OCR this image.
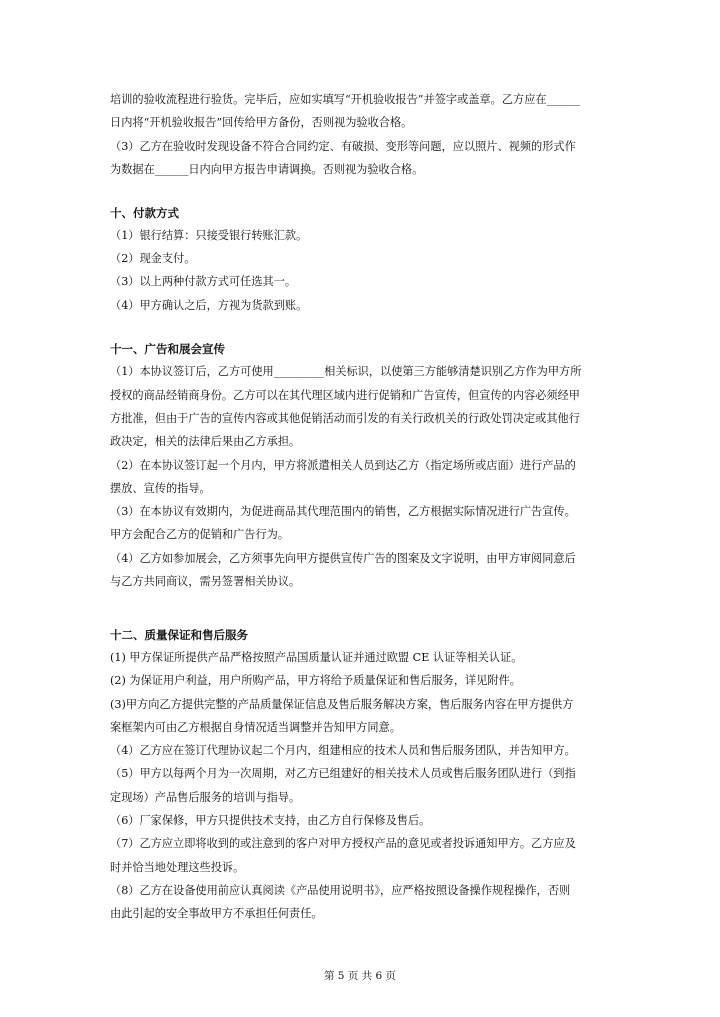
培训的验收流程进行验货。完毕后，应如实填写“开机验收报告”并签字或盖章。乙方应在______
日内将“开机验收报告”回传给甲方备份，否则视为验收合格。
（3）乙方在验收时发现设备不符合合同约定、有破损、变形等问题，应以照片、视频的形式作
为数据在______日内向甲方报告申请调换。否则视为验收合格。
十、付款方式
（1）银行结算：只接受银行转账汇款。
（2）现金支付。
（3）以上两种付款方式可任选其一。
（4）甲方确认之后，方视为货款到账。
十一、广告和展会宣传
（1）本协议签订后，乙方可使用_________相关标识，以使第三方能够清楚识别乙方作为甲方所
授权的商品经销商身份。乙方可以在其代理区域内进行促销和广告宣传，但宣传的内容必须经甲
方批准，但由于广告的宣传内容或其他促销活动而引发的有关行政机关的行政处罚决定或其他行
政决定，相关的法律后果由乙方承担。
（2）在本协议签订起一个月内，甲方将派遣相关人员到达乙方（指定场所或店面）进行产品的
摆放、宣传的指导。
（3）在本协议有效期内，为促进商品其代理范围内的销售，乙方根据实际情况进行广告宣传。
甲方会配合乙方的促销和广告行为。
（4）乙方如参加展会，乙方须事先向甲方提供宣传广告的图案及文字说明，由甲方审阅同意后
与乙方共同商议，需另签署相关协议。
十二、质量保证和售后服务
(1) 甲方保证所提供产品严格按照产品国质量认证并通过欧盟 CE 认证等相关认证。
(2) 为保证用户利益，用户所购产品，甲方将给予质量保证和售后服务，详见附件。
(3)甲方向乙方提供完整的产品质量保证信息及售后服务解决方案，售后服务内容在甲方提供方
案框架内可由乙方根据自身情况适当调整并告知甲方同意。
（4）乙方应在签订代理协议起二个月内，组建相应的技术人员和售后服务团队，并告知甲方。
（5）甲方以每两个月为一次周期，对乙方已组建好的相关技术人员或售后服务团队进行（到指
定现场）产品售后服务的培训与指导。
（6）厂家保修，甲方只提供技术支持，由乙方自行保修及售后。
（7）乙方应立即将收到的或注意到的客户对甲方授权产品的意见或者投诉通知甲方。乙方应及
时并恰当地处理这些投诉。
（8）乙方在设备使用前应认真阅读《产品使用说明书》，应严格按照设备操作规程操作，否则
由此引起的安全事故甲方不承担任何责任。
第 5 页 共 6 页
